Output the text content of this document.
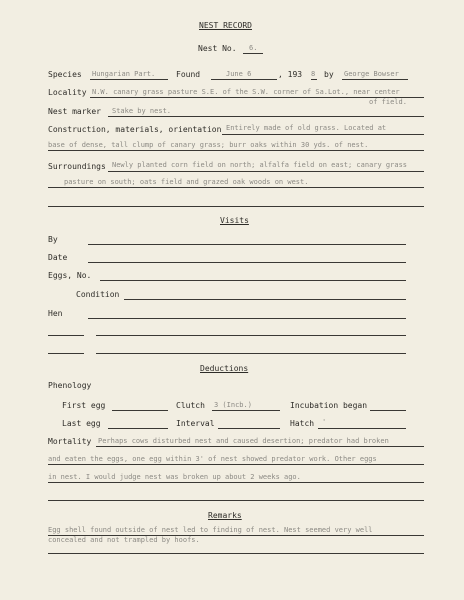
NEST RECORD
Nest No. 6.
Species Hungarian Part.	Found	June 6	, 193 8 by George Bowser
Locality N.W. canary grass pasture S.E. of the S.W. corner of Sa.Lot., near center
of field.
Nest marker Stake by nest.
Construction, materials, orientation Entirely made of old grass. Located at
base of dense, tall clump of canary grass; burr oaks within 30 yds. of nest.
Surroundings Newly planted corn field on north; alfalfa field on east; canary grass
pasture on south; oats field and grazed oak woods on west.
Visits
By
Date
Eggs, No.
Condition
Hen
Deductions
Phenology
First egg	Clutch 3 (Incb.)	Incubation began
Last egg	Interval	Hatch '
Mortality Perhaps cows disturbed nest and caused desertion; predator had broken
and eaten the eggs, one egg within 3' of nest showed predator work. Other eggs
in nest. I would judge nest was broken up about 2 weeks ago.
Remarks
Egg shell found outside of nest led to finding of nest. Nest seemed very well
concealed and not trampled by hoofs.
